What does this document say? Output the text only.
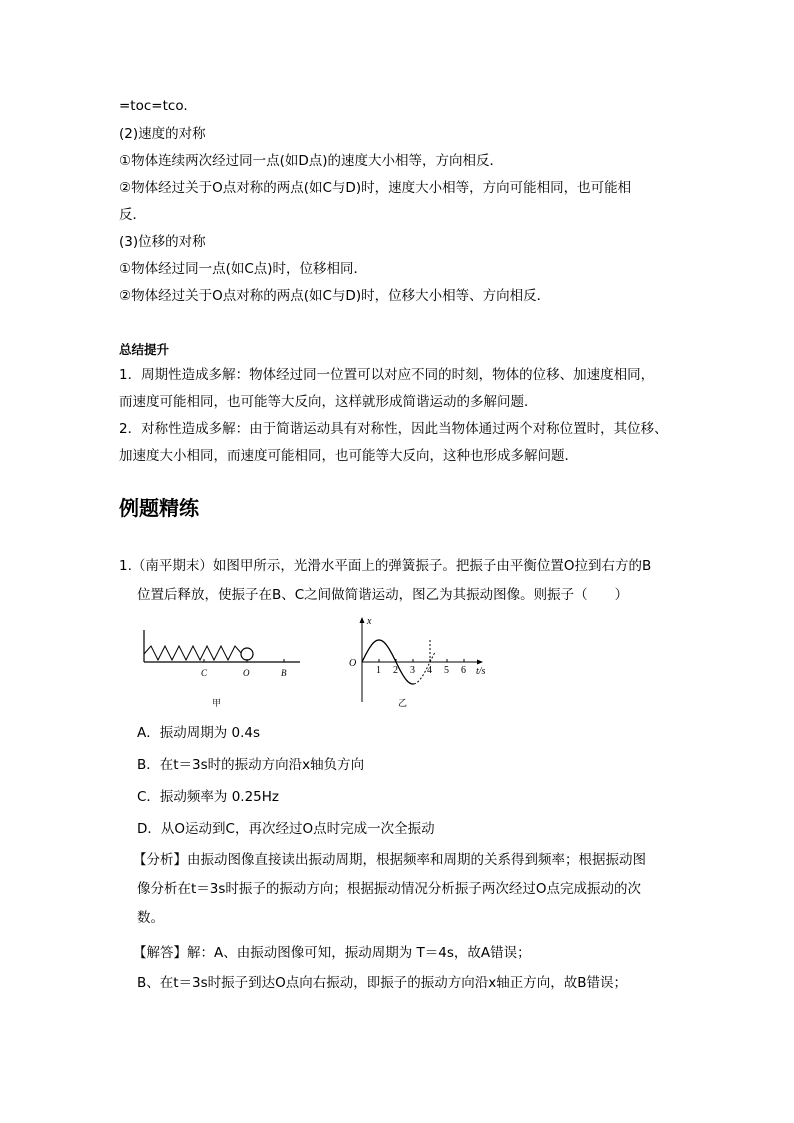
=toc=tco.
(2)速度的对称
①物体连续两次经过同一点(如D点)的速度大小相等，方向相反．
②物体经过关于O点对称的两点(如C与D)时，速度大小相等，方向可能相同，也可能相
反．
(3)位移的对称
①物体经过同一点(如C点)时，位移相同．
②物体经过关于O点对称的两点(如C与D)时，位移大小相等、方向相反．
总结提升
1．周期性造成多解：物体经过同一位置可以对应不同的时刻，物体的位移、加速度相同，
而速度可能相同，也可能等大反向，这样就形成简谐运动的多解问题．
2．对称性造成多解：由于简谐运动具有对称性，因此当物体通过两个对称位置时，其位移、
加速度大小相同，而速度可能相同，也可能等大反向，这种也形成多解问题．
例题精练
1.（南平期末）如图甲所示，光滑水平面上的弹簧振子。把振子由平衡位置O拉到右方的B
位置后释放，使振子在B、C之间做简谐运动，图乙为其振动图像。则振子（　　）
C	O	B
甲
x
O
t/s
1 2 3 4 5 6
乙
A．振动周期为 0.4s
B．在t＝3s时的振动方向沿x轴负方向
C．振动频率为 0.25Hz
D．从O运动到C，再次经过O点时完成一次全振动
【分析】由振动图像直接读出振动周期，根据频率和周期的关系得到频率；根据振动图
像分析在t＝3s时振子的振动方向；根据振动情况分析振子两次经过O点完成振动的次
数。
【解答】解：A、由振动图像可知，振动周期为 T＝4s，故A错误；
B、在t＝3s时振子到达O点向右振动，即振子的振动方向沿x轴正方向，故B错误；
